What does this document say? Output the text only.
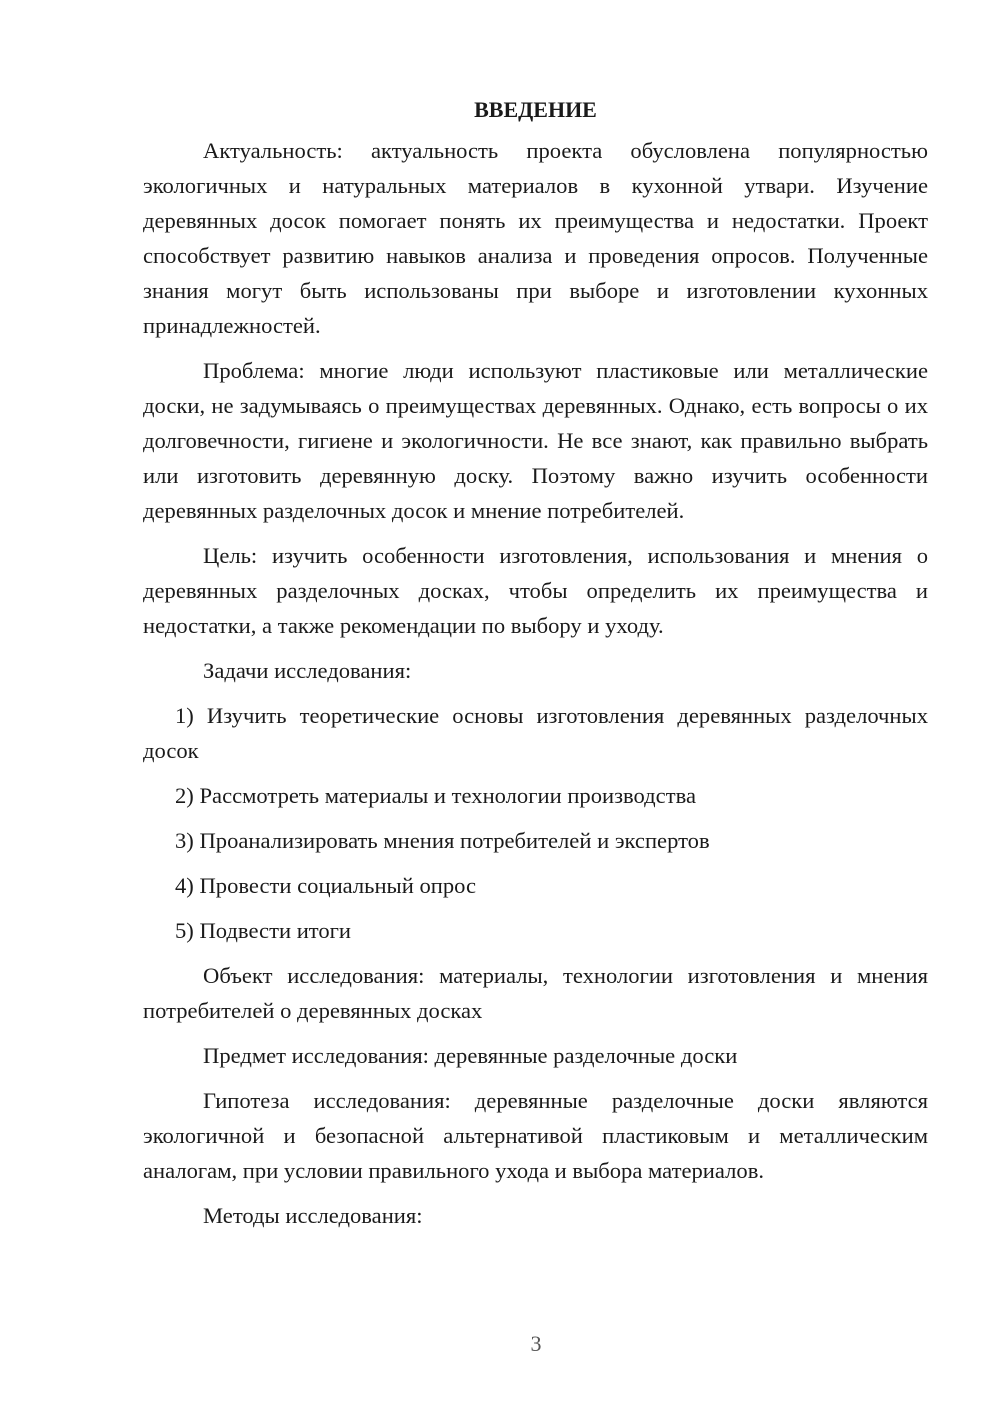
ВВЕДЕНИЕ

Актуальность: актуальность проекта обусловлена популярностью экологичных и натуральных материалов в кухонной утвари. Изучение деревянных досок помогает понять их преимущества и недостатки. Проект способствует развитию навыков анализа и проведения опросов. Полученные знания могут быть использованы при выборе и изготовлении кухонных принадлежностей.

Проблема: многие люди используют пластиковые или металлические доски, не задумываясь о преимуществах деревянных. Однако, есть вопросы о их долговечности, гигиене и экологичности. Не все знают, как правильно выбрать или изготовить деревянную доску. Поэтому важно изучить особенности деревянных разделочных досок и мнение потребителей.

Цель: изучить особенности изготовления, использования и мнения о деревянных разделочных досках, чтобы определить их преимущества и недостатки, а также рекомендации по выбору и уходу.

Задачи исследования:

1) Изучить теоретические основы изготовления деревянных разделочных досок

2) Рассмотреть материалы и технологии производства

3) Проанализировать мнения потребителей и экспертов

4) Провести социальный опрос

5) Подвести итоги

Объект исследования: материалы, технологии изготовления и мнения потребителей о деревянных досках

Предмет исследования: деревянные разделочные доски

Гипотеза исследования: деревянные разделочные доски являются экологичной и безопасной альтернативой пластиковым и металлическим аналогам, при условии правильного ухода и выбора материалов.

Методы исследования:

3
